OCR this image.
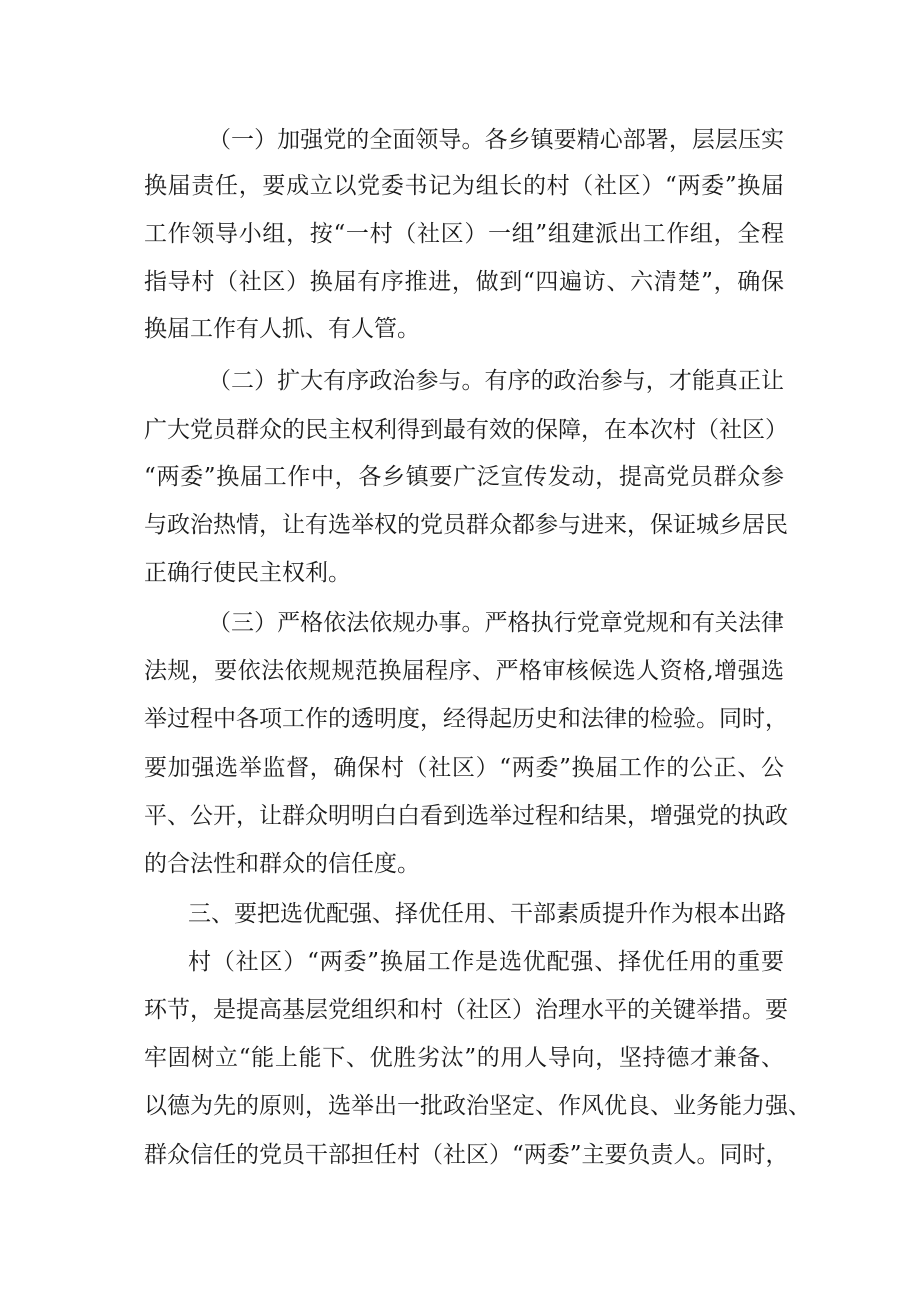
（一）加强党的全面领导。各乡镇要精心部署，层层压实
换届责任，要成立以党委书记为组长的村（社区）“两委”换届
工作领导小组，按“一村（社区）一组”组建派出工作组，全程
指导村（社区）换届有序推进，做到“四遍访、六清楚”，确保
换届工作有人抓、有人管。
（二）扩大有序政治参与。有序的政治参与，才能真正让
广大党员群众的民主权利得到最有效的保障，在本次村（社区）
“两委”换届工作中，各乡镇要广泛宣传发动，提高党员群众参
与政治热情，让有选举权的党员群众都参与进来，保证城乡居民
正确行使民主权利。
（三）严格依法依规办事。严格执行党章党规和有关法律
法规，要依法依规规范换届程序、严格审核候选人资格,增强选
举过程中各项工作的透明度，经得起历史和法律的检验。同时，
要加强选举监督，确保村（社区）“两委”换届工作的公正、公
平、公开，让群众明明白白看到选举过程和结果，增强党的执政
的合法性和群众的信任度。
三、要把选优配强、择优任用、干部素质提升作为根本出路
村（社区）“两委”换届工作是选优配强、择优任用的重要
环节，是提高基层党组织和村（社区）治理水平的关键举措。要
牢固树立“能上能下、优胜劣汰”的用人导向，坚持德才兼备、
以德为先的原则，选举出一批政治坚定、作风优良、业务能力强、
群众信任的党员干部担任村（社区）“两委”主要负责人。同时，
